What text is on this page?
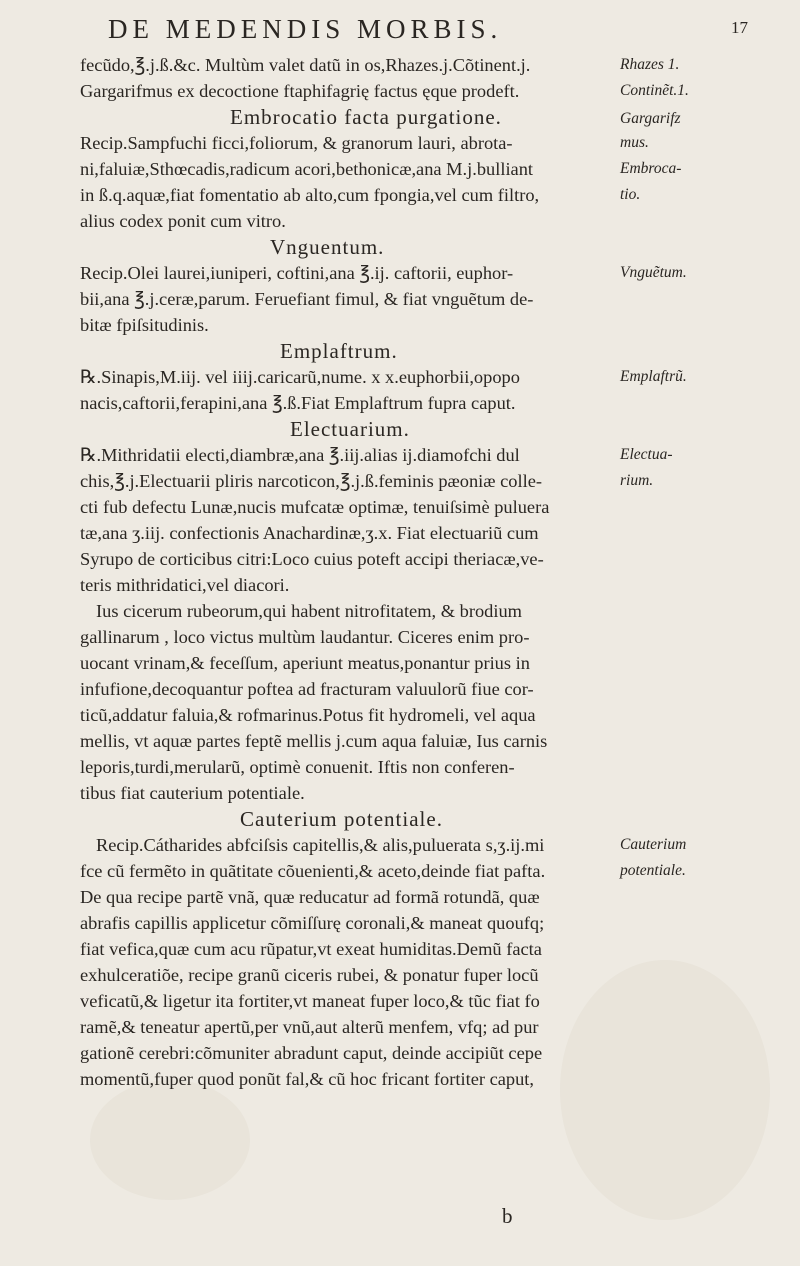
DE MEDENDIS MORBIS.	17
fecũdo,℥.j.ß.&c. Multùm valet datũ in os,Rhazes.j.Cõtinent.j.
Gargarifmus ex decoctione ftaphifagrię factus ęque prodeft.
Embrocatio facta purgatione.
Recip.Sampfuchi ficci,foliorum, & granorum lauri, abrota-
ni,faluiæ,Sthœcadis,radicum acori,bethonicæ,ana M.j.bulliant
in ß.q.aquæ,fiat fomentatio ab alto,cum fpongia,vel cum filtro,
alius codex ponit cum vitro.
Vnguentum.
Recip.Olei laurei,iuniperi, coftini,ana ℥.ij. caftorii, euphor-
bii,ana ℥.j.ceræ,parum. Feruefiant fimul, & fiat vnguẽtum de-
bitæ fpiſsitudinis.
Emplaftrum.
℞.Sinapis,M.iij. vel iiij.caricarũ,nume. x x.euphorbii,opopo
nacis,caftorii,ferapini,ana ℥.ß.Fiat Emplaftrum fupra caput.
Electuarium.
℞.Mithridatii electi,diambræ,ana ℥.iij.alias ij.diamofchi dul
chis,℥.j.Electuarii pliris narcoticon,℥.j.ß.feminis pæoniæ colle-
cti fub defectu Lunæ,nucis mufcatæ optimæ, tenuiſsimè puluera
tæ,ana ʒ.iij. confectionis Anachardinæ,ʒ.x. Fiat electuariũ cum
Syrupo de corticibus citri:Loco cuius poteft accipi theriacæ,ve-
teris mithridatici,vel diacori.
Ius cicerum rubeorum,qui habent nitrofitatem, & brodium
gallinarum , loco victus multùm laudantur. Ciceres enim pro-
uocant vrinam,& feceſſum, aperiunt meatus,ponantur prius in
infufione,decoquantur poftea ad fracturam valuulorũ fiue cor-
ticũ,addatur faluia,& rofmarinus.Potus fit hydromeli, vel aqua
mellis, vt aquæ partes feptẽ mellis j.cum aqua faluiæ, Ius carnis
leporis,turdi,merularũ, optimè conuenit. Iftis non conferen-
tibus fiat cauterium potentiale.
Cauterium potentiale.
Recip.Cátharides abfciſsis capitellis,& alis,puluerata s,ʒ.ij.mi
fce cũ fermẽto in quãtitate cõuenienti,& aceto,deinde fiat pafta.
De qua recipe partẽ vnã, quæ reducatur ad formã rotundã, quæ
abrafis capillis applicetur cõmiſſurę coronali,& maneat quoufq;
fiat vefica,quæ cum acu rũpatur,vt exeat humiditas.Demũ facta
exhulceratiõe, recipe granũ ciceris rubei, & ponatur fuper locũ
veficatũ,& ligetur ita fortiter,vt maneat fuper loco,& tũc fiat fo
ramẽ,& teneatur apertũ,per vnũ,aut alterũ menfem, vfq; ad pur
gationẽ cerebri:cõmuniter abradunt caput, deinde accipiũt cepe
momentũ,fuper quod ponũt fal,& cũ hoc fricant fortiter caput,
Rhazes 1.
Continẽt.1.
Gargarifz
mus.
Embroca-
tio.
Vnguẽtum.
Emplaftrũ.
Electua-
rium.
Cauterium
potentiale.
b
